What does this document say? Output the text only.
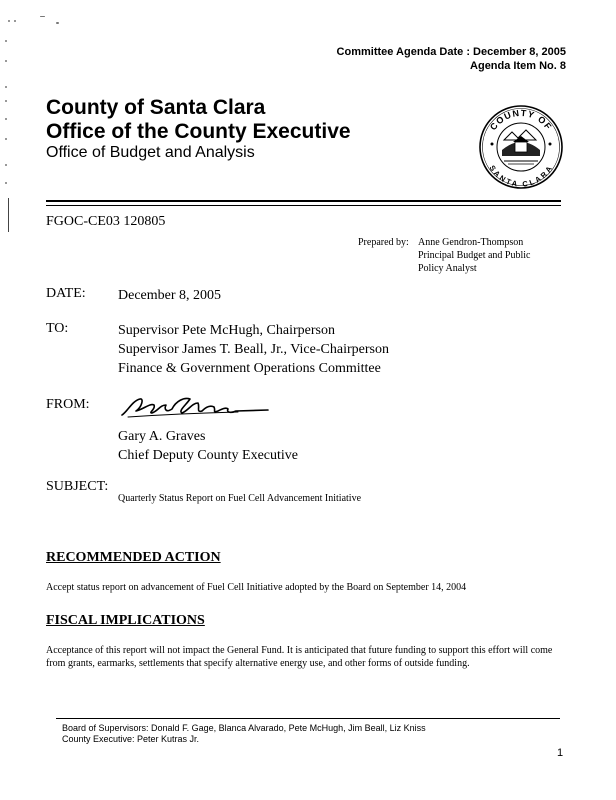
Committee Agenda Date : December 8, 2005
Agenda Item No. 8
County of Santa Clara
Office of the County Executive
Office of Budget and Analysis
COUNTY OF
SANTA CLARA
FGOC-CE03 120805
Prepared by: Anne Gendron-Thompson
Principal Budget and Public
Policy Analyst
DATE: December 8, 2005
TO:	Supervisor Pete McHugh, Chairperson
Supervisor James T. Beall, Jr., Vice-Chairperson
Finance & Government Operations Committee
FROM:
Gary A. Graves
Chief Deputy County Executive
SUBJECT:
Quarterly Status Report on Fuel Cell Advancement Initiative
RECOMMENDED ACTION
Accept status report on advancement of Fuel Cell Initiative adopted by the Board on September 14, 2004
FISCAL IMPLICATIONS
Acceptance of this report will not impact the General Fund. It is anticipated that future funding to support this effort will come from grants, earmarks, settlements that specify alternative energy use, and other forms of outside funding.
Board of Supervisors: Donald F. Gage, Blanca Alvarado, Pete McHugh, Jim Beall, Liz Kniss
County Executive: Peter Kutras Jr.
1
